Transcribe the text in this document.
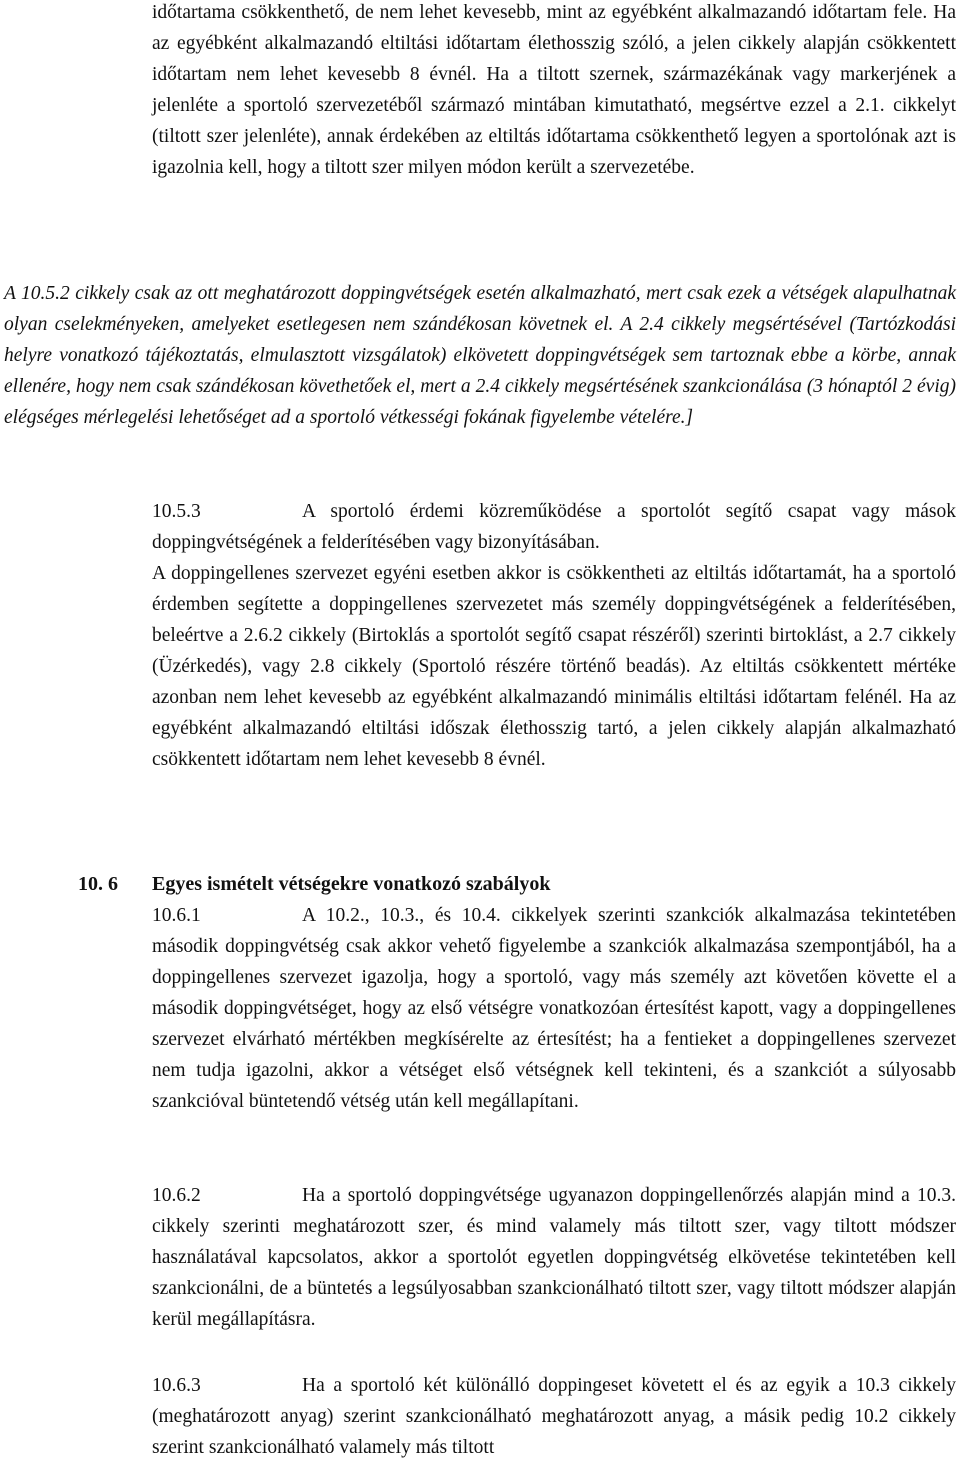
időtartama csökkenthető, de nem lehet kevesebb, mint az egyébként alkalmazandó időtartam fele. Ha az egyébként alkalmazandó eltiltási időtartam élethosszig szóló, a jelen cikkely alapján csökkentett időtartam nem lehet kevesebb 8 évnél. Ha a tiltott szernek, származékának vagy markerjének a jelenléte a sportoló szervezetéből származó mintában kimutatható, megsértve ezzel a 2.1. cikkelyt (tiltott szer jelenléte), annak érdekében az eltiltás időtartama csökkenthető legyen a sportolónak azt is igazolnia kell, hogy a tiltott szer milyen módon került a szervezetébe.
A 10.5.2 cikkely csak az ott meghatározott doppingvétségek esetén alkalmazható, mert csak ezek a vétségek alapulhatnak olyan cselekményeken, amelyeket esetlegesen nem szándékosan követnek el. A 2.4 cikkely megsértésével (Tartózkodási helyre vonatkozó tájékoztatás, elmulasztott vizsgálatok) elkövetett doppingvétségek sem tartoznak ebbe a körbe, annak ellenére, hogy nem csak szándékosan követhetőek el, mert a 2.4 cikkely megsértésének szankcionálása (3 hónaptól 2 évig) elégséges mérlegelési lehetőséget ad a sportoló vétkességi fokának figyelembe vételére.]

10.5.3	A sportoló érdemi közreműködése a sportolót segítő csapat vagy mások doppingvétségének a felderítésében vagy bizonyításában.

A doppingellenes szervezet egyéni esetben akkor is csökkentheti az eltiltás időtartamát, ha a sportoló érdemben segítette a doppingellenes szervezetet más személy doppingvétségének a felderítésében, beleértve a 2.6.2 cikkely (Birtoklás a sportolót segítő csapat részéről) szerinti birtoklást, a 2.7 cikkely (Üzérkedés), vagy 2.8 cikkely (Sportoló részére történő beadás). Az eltiltás csökkentett mértéke azonban nem lehet kevesebb az egyébként alkalmazandó minimális eltiltási időtartam felénél. Ha az egyébként alkalmazandó eltiltási időszak élethosszig tartó, a jelen cikkely alapján alkalmazható csökkentett időtartam nem lehet kevesebb 8 évnél.

10. 6 Egyes ismételt vétségekre vonatkozó szabályok
10.6.1	A 10.2., 10.3., és 10.4. cikkelyek szerinti szankciók alkalmazása tekintetében második doppingvétség csak akkor vehető figyelembe a szankciók alkalmazása szempontjából, ha a doppingellenes szervezet igazolja, hogy a sportoló, vagy más személy azt követően követte el a második doppingvétséget, hogy az első vétségre vonatkozóan értesítést kapott, vagy a doppingellenes szervezet elvárható mértékben megkísérelte az értesítést; ha a fentieket a doppingellenes szervezet nem tudja igazolni, akkor a vétséget első vétségnek kell tekinteni, és a szankciót a súlyosabb szankcióval büntetendő vétség után kell megállapítani.
10.6.2	Ha a sportoló doppingvétsége ugyanazon doppingellenőrzés alapján mind a 10.3. cikkely szerinti meghatározott szer, és mind valamely más tiltott szer, vagy tiltott módszer használatával kapcsolatos, akkor a sportolót egyetlen doppingvétség elkövetése tekintetében kell szankcionálni, de a büntetés a legsúlyosabban szankcionálható tiltott szer, vagy tiltott módszer alapján kerül megállapításra.
10.6.3	Ha a sportoló két különálló doppingeset követett el és az egyik a 10.3 cikkely (meghatározott anyag) szerint szankcionálható meghatározott anyag, a másik pedig 10.2 cikkely szerint szankcionálható valamely más tiltott
